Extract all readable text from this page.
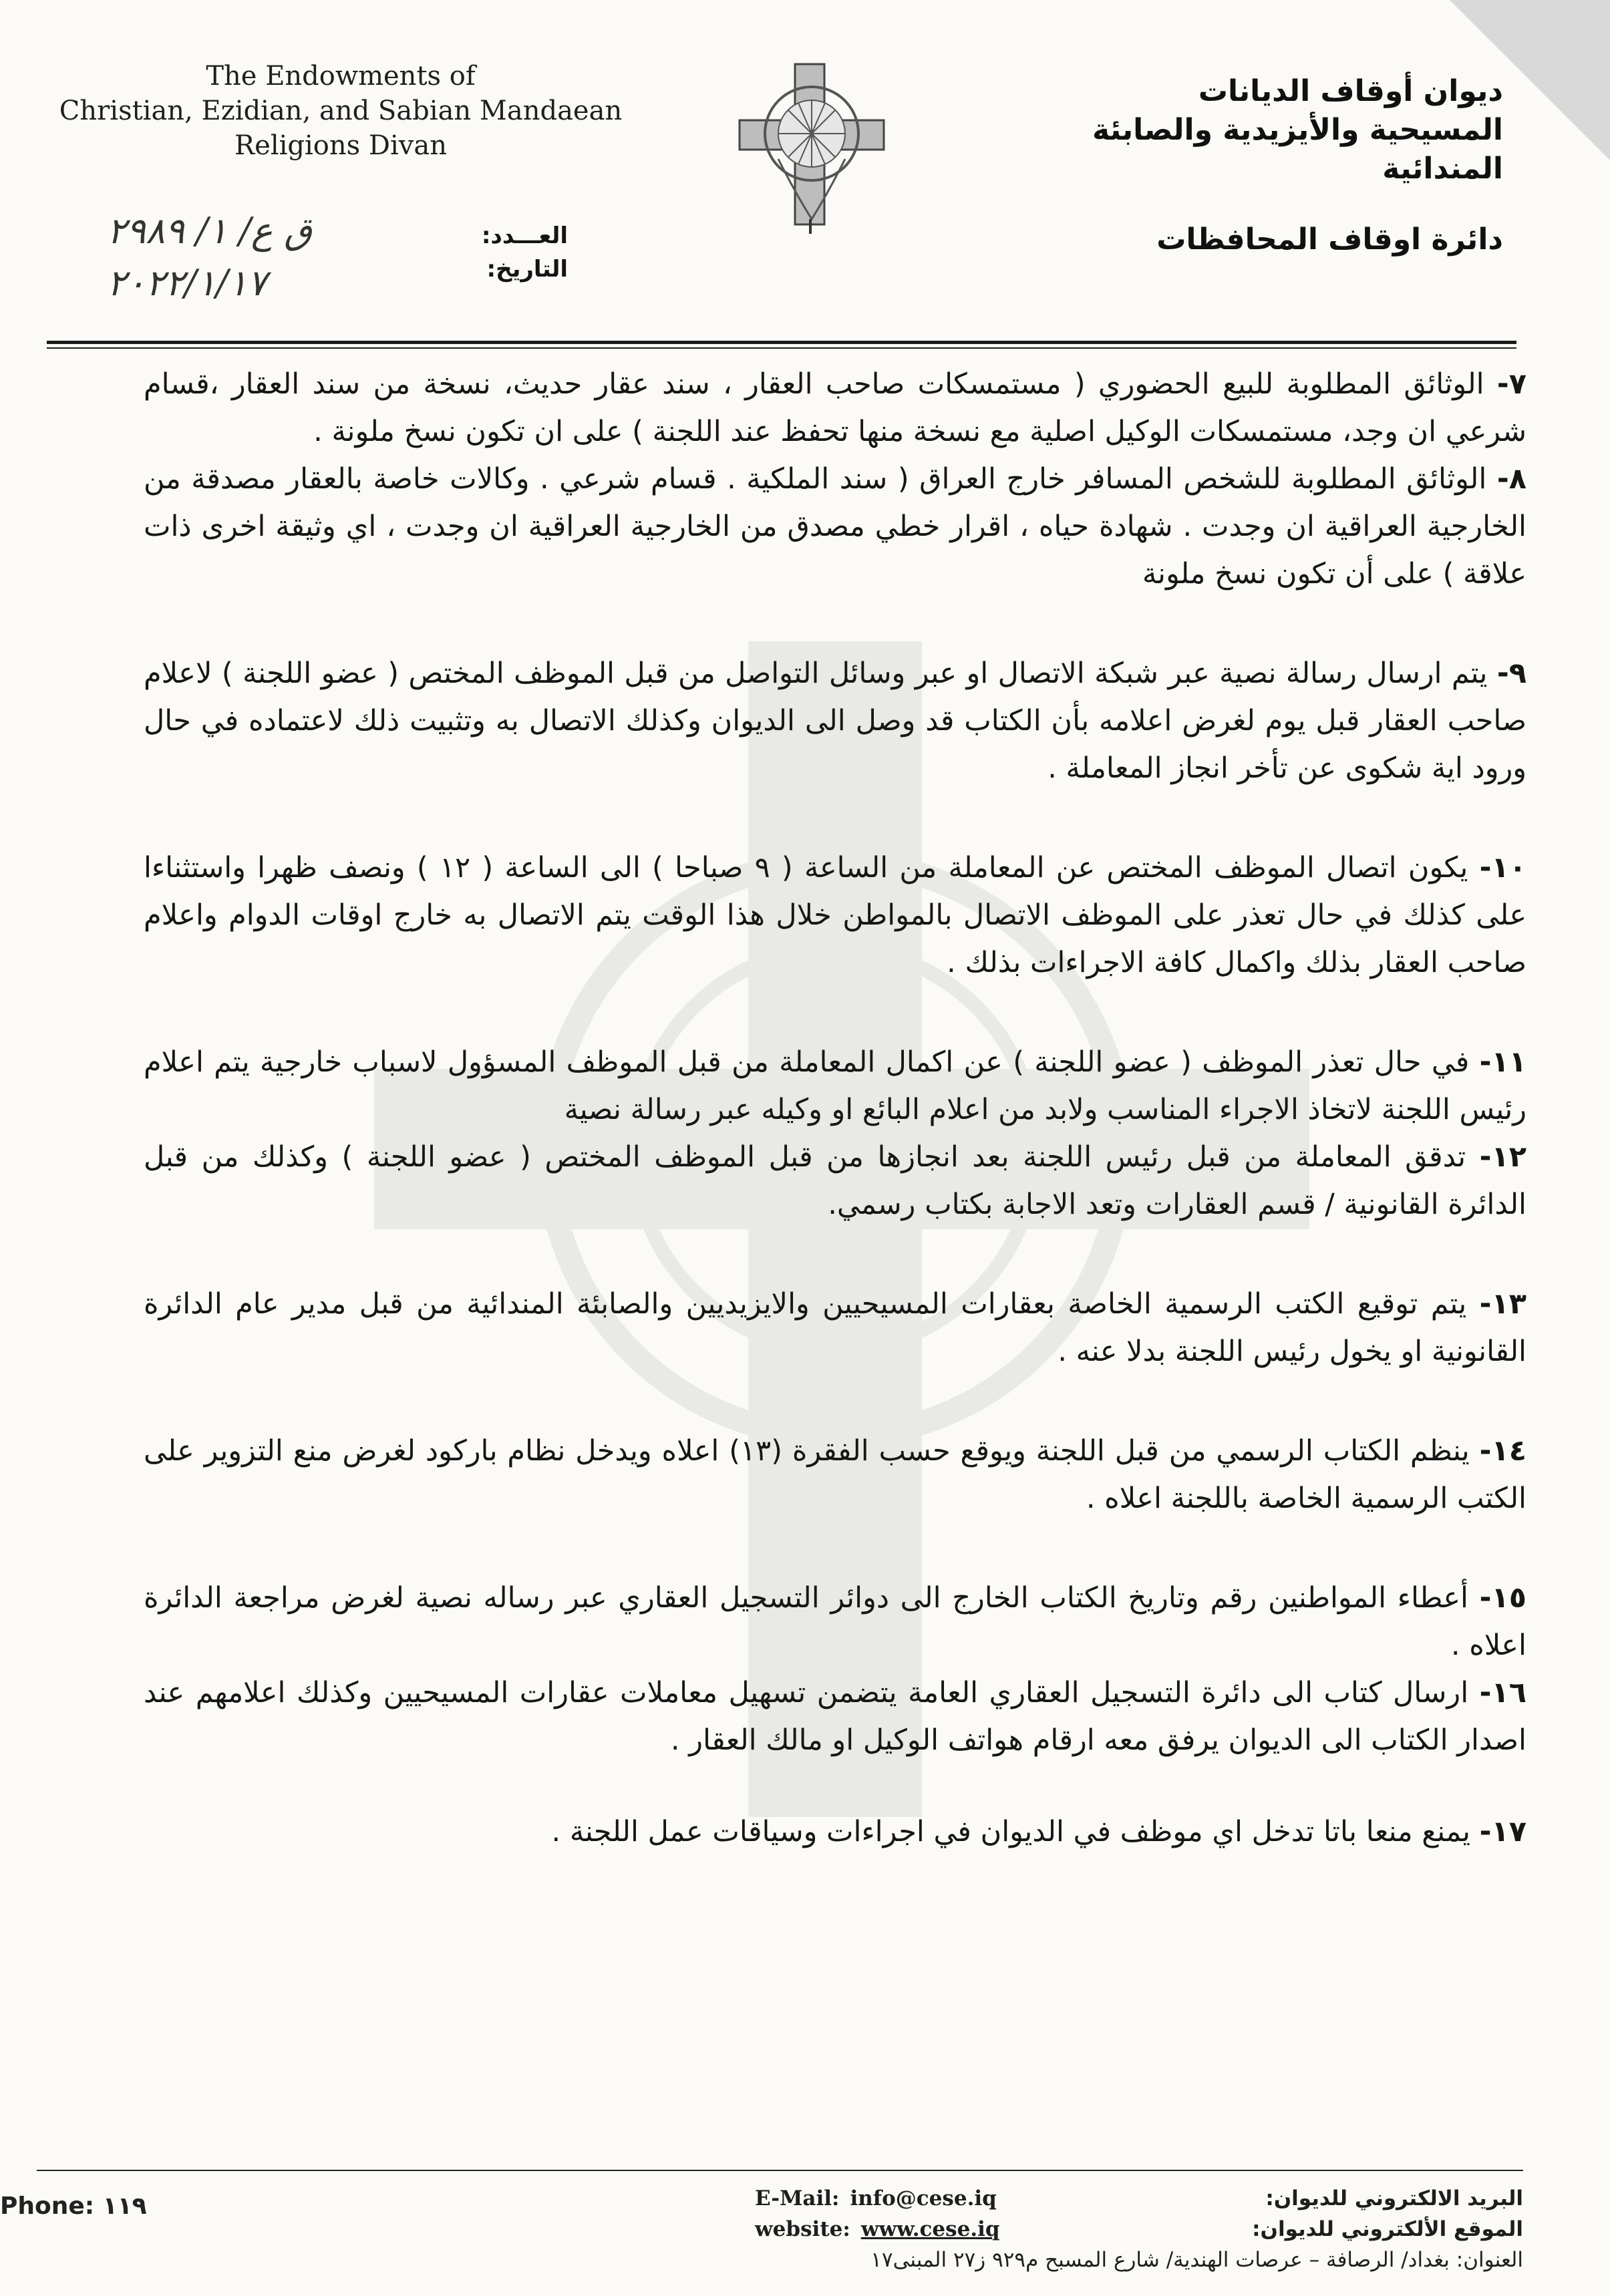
The Endowments of
Christian, Ezidian, and Sabian Mandaean
Religions Divan
ديوان أوقاف الديانات
المسيحية والأيزيدية والصابئة المندائية
دائرة اوقاف المحافظات
العـــدد:
التاريخ:
ق ع/ ١/ ٢٩٨٩
٢٠٢٢/١/١٧

٧- الوثائق المطلوبة للبيع الحضوري ( مستمسكات صاحب العقار ، سند عقار حديث، نسخة من سند العقار ،قسام شرعي ان وجد، مستمسكات الوكيل اصلية مع نسخة منها تحفظ عند اللجنة ) على ان تكون نسخ ملونة .

٨- الوثائق المطلوبة للشخص المسافر خارج العراق ( سند الملكية . قسام شرعي . وكالات خاصة بالعقار مصدقة من الخارجية العراقية ان وجدت . شهادة حياه ، اقرار خطي مصدق من الخارجية العراقية ان وجدت ، اي وثيقة اخرى ذات علاقة ) على أن تكون نسخ ملونة

٩- يتم ارسال رسالة نصية عبر شبكة الاتصال او عبر وسائل التواصل من قبل الموظف المختص ( عضو اللجنة ) لاعلام صاحب العقار قبل يوم لغرض اعلامه بأن الكتاب قد وصل الى الديوان وكذلك الاتصال به وتثبيت ذلك لاعتماده في حال ورود اية شكوى عن تأخر انجاز المعاملة .

١٠- يكون اتصال الموظف المختص عن المعاملة من الساعة ( ٩ صباحا ) الى الساعة ( ١٢ ) ونصف ظهرا واستثناءا على كذلك في حال تعذر على الموظف الاتصال بالمواطن خلال هذا الوقت يتم الاتصال به خارج اوقات الدوام واعلام صاحب العقار بذلك واكمال كافة الاجراءات بذلك .

١١- في حال تعذر الموظف ( عضو اللجنة ) عن اكمال المعاملة من قبل الموظف المسؤول لاسباب خارجية يتم اعلام رئيس اللجنة لاتخاذ الاجراء المناسب ولابد من اعلام البائع او وكيله عبر رسالة نصية

١٢- تدقق المعاملة من قبل رئيس اللجنة بعد انجازها من قبل الموظف المختص ( عضو اللجنة ) وكذلك من قبل الدائرة القانونية / قسم العقارات وتعد الاجابة بكتاب رسمي.

١٣- يتم توقيع الكتب الرسمية الخاصة بعقارات المسيحيين والايزيديين والصابئة المندائية من قبل مدير عام الدائرة القانونية او يخول رئيس اللجنة بدلا عنه .

١٤- ينظم الكتاب الرسمي من قبل اللجنة ويوقع حسب الفقرة (١٣) اعلاه ويدخل نظام باركود لغرض منع التزوير على الكتب الرسمية الخاصة باللجنة اعلاه .

١٥- أعطاء المواطنين رقم وتاريخ الكتاب الخارج الى دوائر التسجيل العقاري عبر رساله نصية لغرض مراجعة الدائرة اعلاه .

١٦- ارسال كتاب الى دائرة التسجيل العقاري العامة يتضمن تسهيل معاملات عقارات المسيحيين وكذلك اعلامهم عند اصدار الكتاب الى الديوان يرفق معه ارقام هواتف الوكيل او مالك العقار .

١٧- يمنع منعا باتا تدخل اي موظف في الديوان في اجراءات وسياقات عمل اللجنة .

Phone: ١١٩	E-Mail: info@cese.iq	البريد الالكتروني للديوان:
website: www.cese.iq	الموقع الألكتروني للديوان:
العنوان: بغداد/ الرصافة – عرصات الهندية/ شارع المسبح م٩٢٩ ز٢٧ المبنى١٧
